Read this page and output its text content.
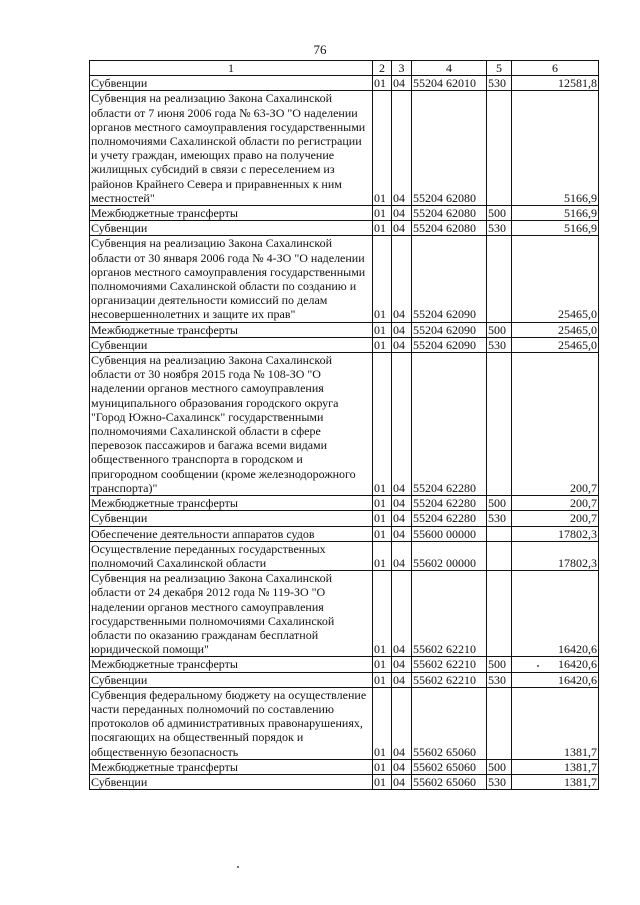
76
1	2	3	4	5	6
Субвенции	01	04	55204 62010	530	12581,8
Субвенция на реализацию Закона Сахалинской области от 7 июня 2006 года № 63-ЗО "О наделении органов местного самоуправления государственными полномочиями Сахалинской области по регистрации и учету граждан, имеющих право на получение жилищных субсидий в связи с переселением из районов Крайнего Севера и приравненных к ним местностей"	01	04	55204 62080		5166,9
Межбюджетные трансферты	01	04	55204 62080	500	5166,9
Субвенции	01	04	55204 62080	530	5166,9
Субвенция на реализацию Закона Сахалинской области от 30 января 2006 года № 4-ЗО "О наделении органов местного самоуправления государственными полномочиями Сахалинской области по созданию и организации деятельности комиссий по делам несовершеннолетних и защите их прав"	01	04	55204 62090		25465,0
Межбюджетные трансферты	01	04	55204 62090	500	25465,0
Субвенции	01	04	55204 62090	530	25465,0
Субвенция на реализацию Закона Сахалинской области от 30 ноября 2015 года № 108-ЗО "О наделении органов местного самоуправления муниципального образования городского округа "Город Южно-Сахалинск" государственными полномочиями Сахалинской области в сфере перевозок пассажиров и багажа всеми видами общественного транспорта в городском и пригородном сообщении (кроме железнодорожного транспорта)"	01	04	55204 62280		200,7
Межбюджетные трансферты	01	04	55204 62280	500	200,7
Субвенции	01	04	55204 62280	530	200,7
Обеспечение деятельности аппаратов судов	01	04	55600 00000		17802,3
Осуществление переданных государственных полномочий Сахалинской области	01	04	55602 00000		17802,3
Субвенция на реализацию Закона Сахалинской области от 24 декабря 2012 года № 119-ЗО "О наделении органов местного самоуправления государственными полномочиями Сахалинской области по оказанию гражданам бесплатной юридической помощи"	01	04	55602 62210		16420,6
Межбюджетные трансферты	01	04	55602 62210	500	16420,6
Субвенции	01	04	55602 62210	530	16420,6
Субвенция федеральному бюджету на осуществление части переданных полномочий по составлению протоколов об административных правонарушениях, посягающих на общественный порядок и общественную безопасность	01	04	55602 65060		1381,7
Межбюджетные трансферты	01	04	55602 65060	500	1381,7
Субвенции	01	04	55602 65060	530	1381,7
